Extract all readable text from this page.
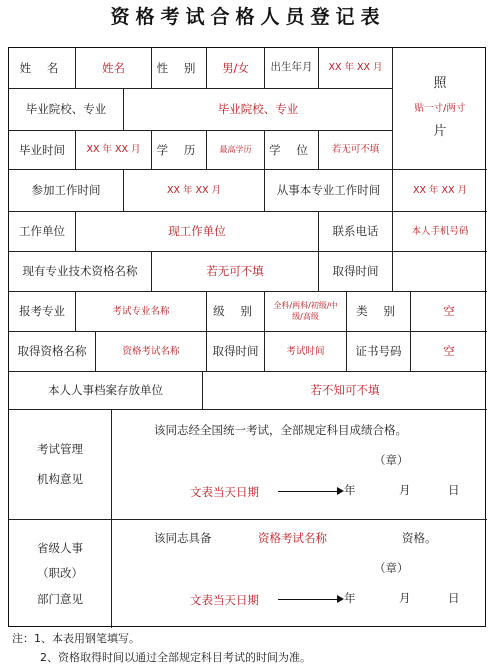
资格考试合格人员登记表
姓 名	姓名	性 别	男/女	出生年月	XX 年 XX 月
照
贴一寸/两寸
片
毕业院校、专业	毕业院校、专业
毕业时间	XX 年 XX 月	学 历	最高学历	学 位	若无可不填
参加工作时间	XX 年 XX 月	从事本专业工作时间	XX 年 XX 月
工作单位	现工作单位	联系电话	本人手机号码
现有专业技术资格名称	若无可不填	取得时间
报考专业	考试专业名称	级 别	全科/两科/初级/中级/高级	类 别	空
取得资格名称	资格考试名称	取得时间	考试时间	证书号码	空
本人人事档案存放单位	若不知可不填
考试管理
机构意见
该同志经全国统一考试，全部规定科目成绩合格。
（章）
文表当天日期	年	月	日
省级人事
（职改）
部门意见
该同志具备	资格考试名称	资格。
（章）
文表当天日期	年	月	日
注：1、本表用钢笔填写。
2、资格取得时间以通过全部规定科目考试的时间为准。
